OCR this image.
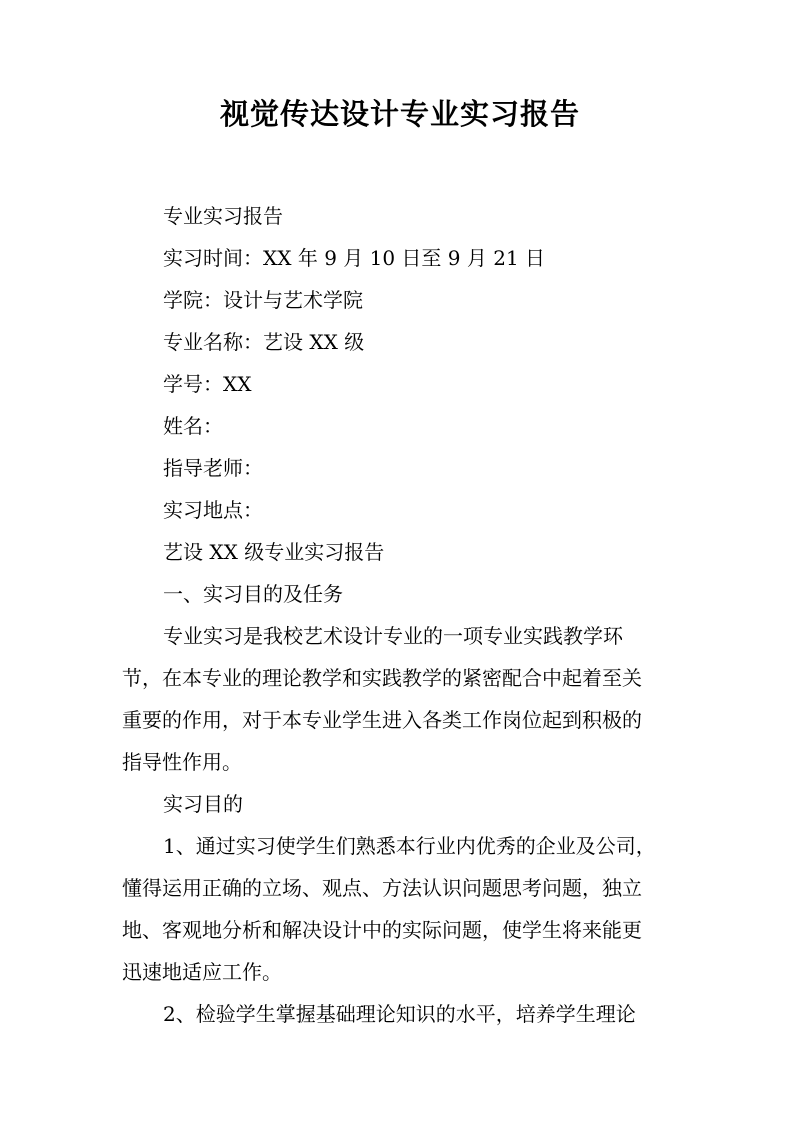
视觉传达设计专业实习报告

专业实习报告

实习时间：XX 年 9 月 10 日至 9 月 21 日

学院：设计与艺术学院

专业名称：艺设 XX 级

学号：XX

姓名：

指导老师：

实习地点：

艺设 XX 级专业实习报告

一、实习目的及任务

专业实习是我校艺术设计专业的一项专业实践教学环

节，在本专业的理论教学和实践教学的紧密配合中起着至关

重要的作用，对于本专业学生进入各类工作岗位起到积极的

指导性作用。

实习目的

1、通过实习使学生们熟悉本行业内优秀的企业及公司，

懂得运用正确的立场、观点、方法认识问题思考问题，独立

地、客观地分析和解决设计中的实际问题，使学生将来能更

迅速地适应工作。

2、检验学生掌握基础理论知识的水平，培养学生理论
